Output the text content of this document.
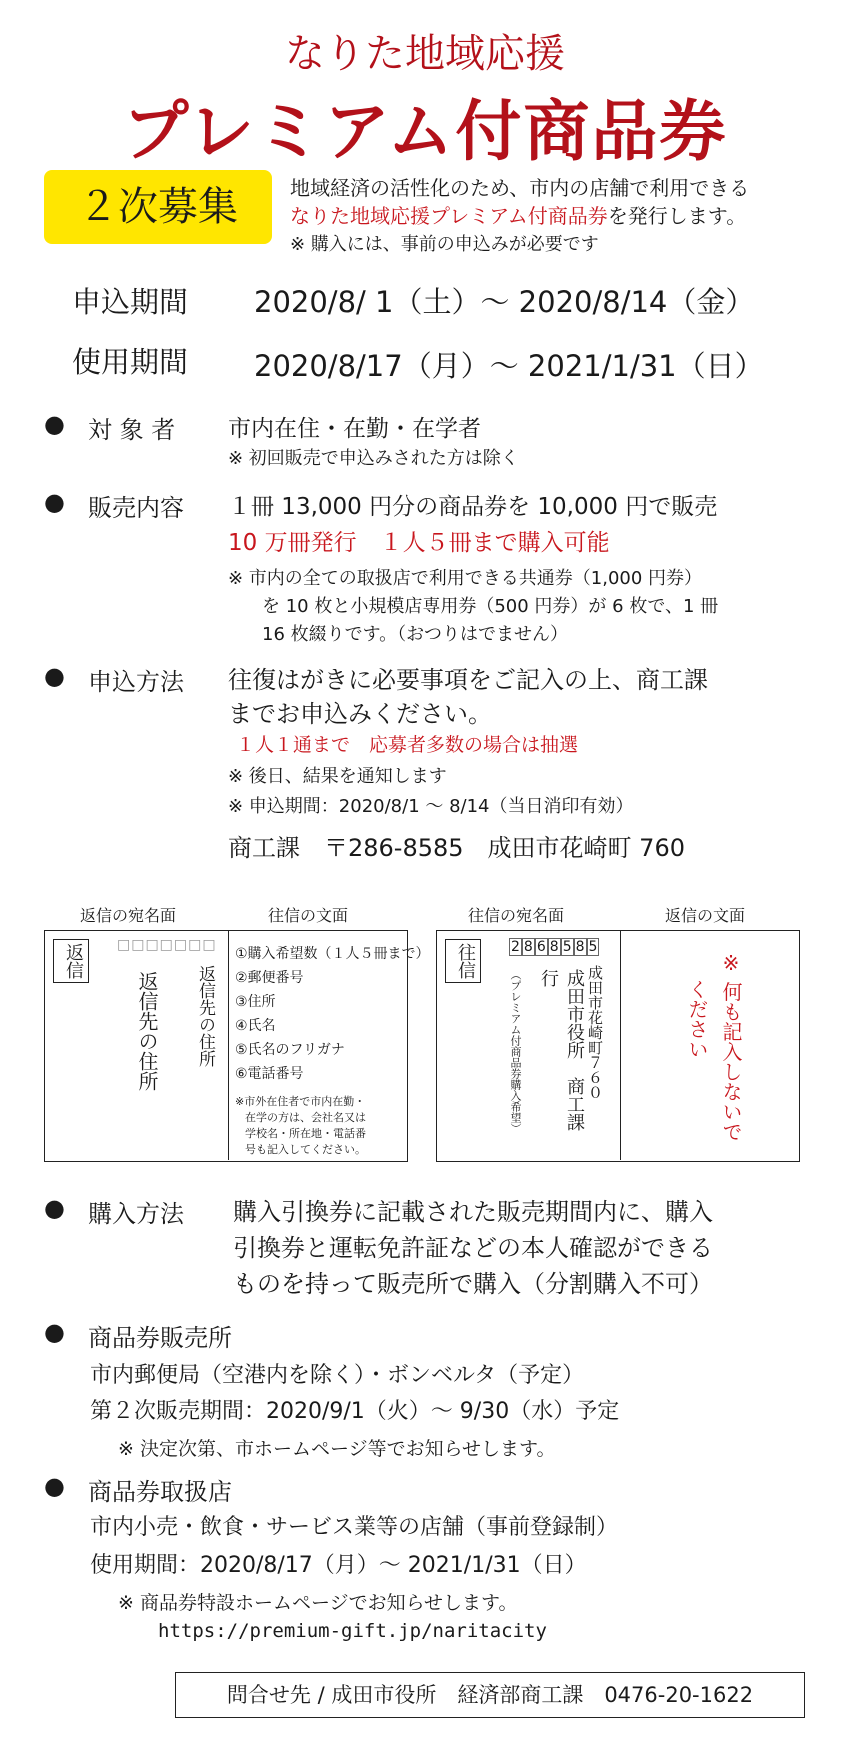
なりた地域応援
プレミアム付商品券
２次募集	地域経済の活性化のため、市内の店舗で利用できる
なりた地域応援プレミアム付商品券を発行します。
※ 購入には、事前の申込みが必要です
申込期間 2020/8/ 1（土）～ 2020/8/14（金）
使用期間 2020/8/17（月）～ 2021/1/31（日）
● 対 象 者 市内在住・在勤・在学者
※ 初回販売で申込みされた方は除く
● 販売内容 １冊 13,000 円分の商品券を 10,000 円で販売
10 万冊発行　１人５冊まで購入可能
※ 市内の全ての取扱店で利用できる共通券（1,000 円券）
を 10 枚と小規模店専用券（500 円券）が 6 枚で、1 冊
16 枚綴りです。（おつりはでません）
● 申込方法 往復はがきに必要事項をご記入の上、商工課
までお申込みください。
１人１通まで　応募者多数の場合は抽選
※ 後日、結果を通知します
※ 申込期間：2020/8/1 ～ 8/14（当日消印有効）
商工課　〒286-8585　成田市花崎町 760
返信の宛名面	往信の文面	往信の宛名面	返信の文面
返信	□□□□□□□
返信先の住所
返信先の住所
①購入希望数（１人５冊まで）
②郵便番号
③住所
④氏名
⑤氏名のフリガナ
⑥電話番号
※市外在住者で市内在勤・
在学の方は、会社名又は
学校名・所在地・電話番
号も記入してください。
往信	2 8 6 8 5 8 5
成田市花崎町７６０
成田市役所　商工課　行
（プレミアム付商品券購入希望）	※ 何も記入しないで
ください
● 購入方法 購入引換券に記載された販売期間内に、購入
引換券と運転免許証などの本人確認ができる
ものを持って販売所で購入（分割購入不可）
● 商品券販売所
市内郵便局（空港内を除く）・ボンベルタ（予定）
第２次販売期間：2020/9/1（火）～ 9/30（水）予定
※ 決定次第、市ホームページ等でお知らせします。
● 商品券取扱店
市内小売・飲食・サービス業等の店舗（事前登録制）
使用期間：2020/8/17（月）～ 2021/1/31（日）
※ 商品券特設ホームページでお知らせします。
https://premium-gift.jp/naritacity
問合せ先 / 成田市役所　経済部商工課　0476-20-1622
